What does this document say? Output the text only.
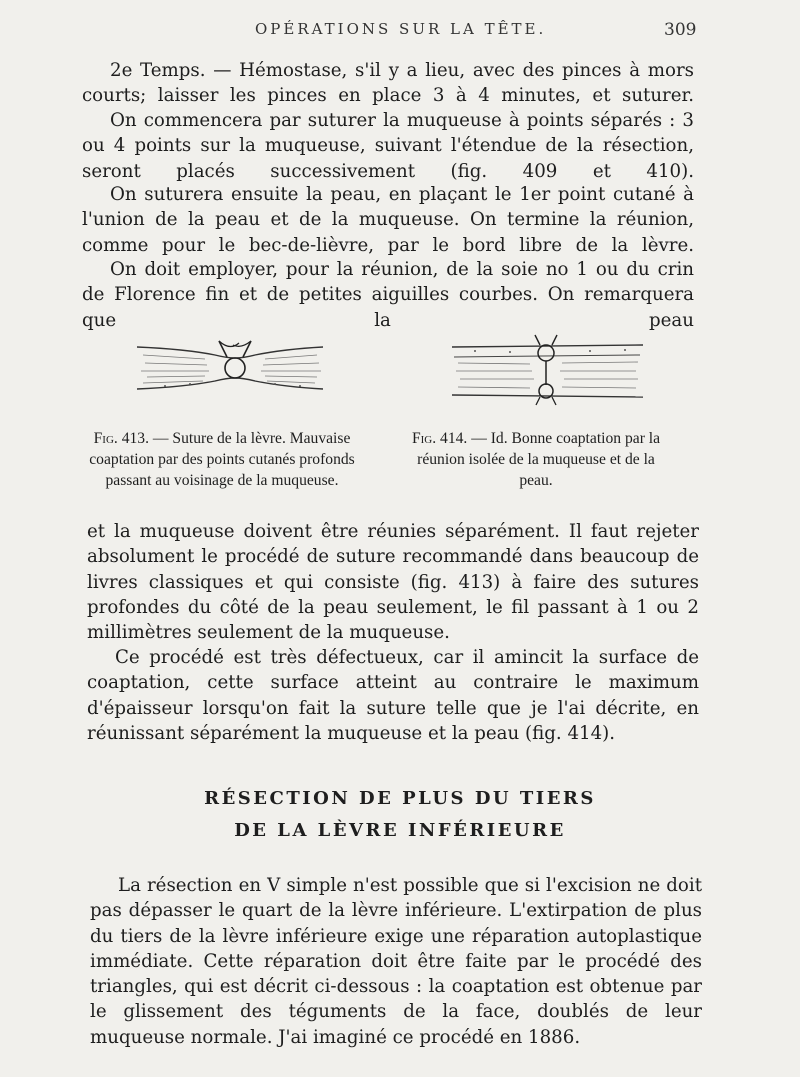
OPÉRATIONS SUR LA TÊTE.	309

2e Temps. — Hémostase, s'il y a lieu, avec des pinces à mors courts; laisser les pinces en place 3 à 4 minutes, et suturer.

On commencera par suturer la muqueuse à points séparés : 3 ou 4 points sur la muqueuse, suivant l'étendue de la résection, seront placés successivement (fig. 409 et 410).

On suturera ensuite la peau, en plaçant le 1er point cutané à l'union de la peau et de la muqueuse. On termine la réunion, comme pour le bec-de-lièvre, par le bord libre de la lèvre.

On doit employer, pour la réunion, de la soie no 1 ou du crin de Florence fin et de petites aiguilles courbes. On remarquera que la peau

Fig. 413. — Suture de la lèvre. Mauvaise coaptation par des points cutanés profonds passant au voisinage de la muqueuse.

Fig. 414. — Id. Bonne coaptation par la réunion isolée de la muqueuse et de la peau.

et la muqueuse doivent être réunies séparément. Il faut rejeter absolument le procédé de suture recommandé dans beaucoup de livres classiques et qui consiste (fig. 413) à faire des sutures profondes du côté de la peau seulement, le fil passant à 1 ou 2 millimètres seulement de la muqueuse.

Ce procédé est très défectueux, car il amincit la surface de coaptation, cette surface atteint au contraire le maximum d'épaisseur lorsqu'on fait la suture telle que je l'ai décrite, en réunissant séparément la muqueuse et la peau (fig. 414).

RÉSECTION DE PLUS DU TIERS
DE LA LÈVRE INFÉRIEURE

La résection en V simple n'est possible que si l'excision ne doit pas dépasser le quart de la lèvre inférieure. L'extirpation de plus du tiers de la lèvre inférieure exige une réparation autoplastique immédiate. Cette réparation doit être faite par le procédé des triangles, qui est décrit ci-dessous : la coaptation est obtenue par le glissement des téguments de la face, doublés de leur muqueuse normale. J'ai imaginé ce procédé en 1886.
